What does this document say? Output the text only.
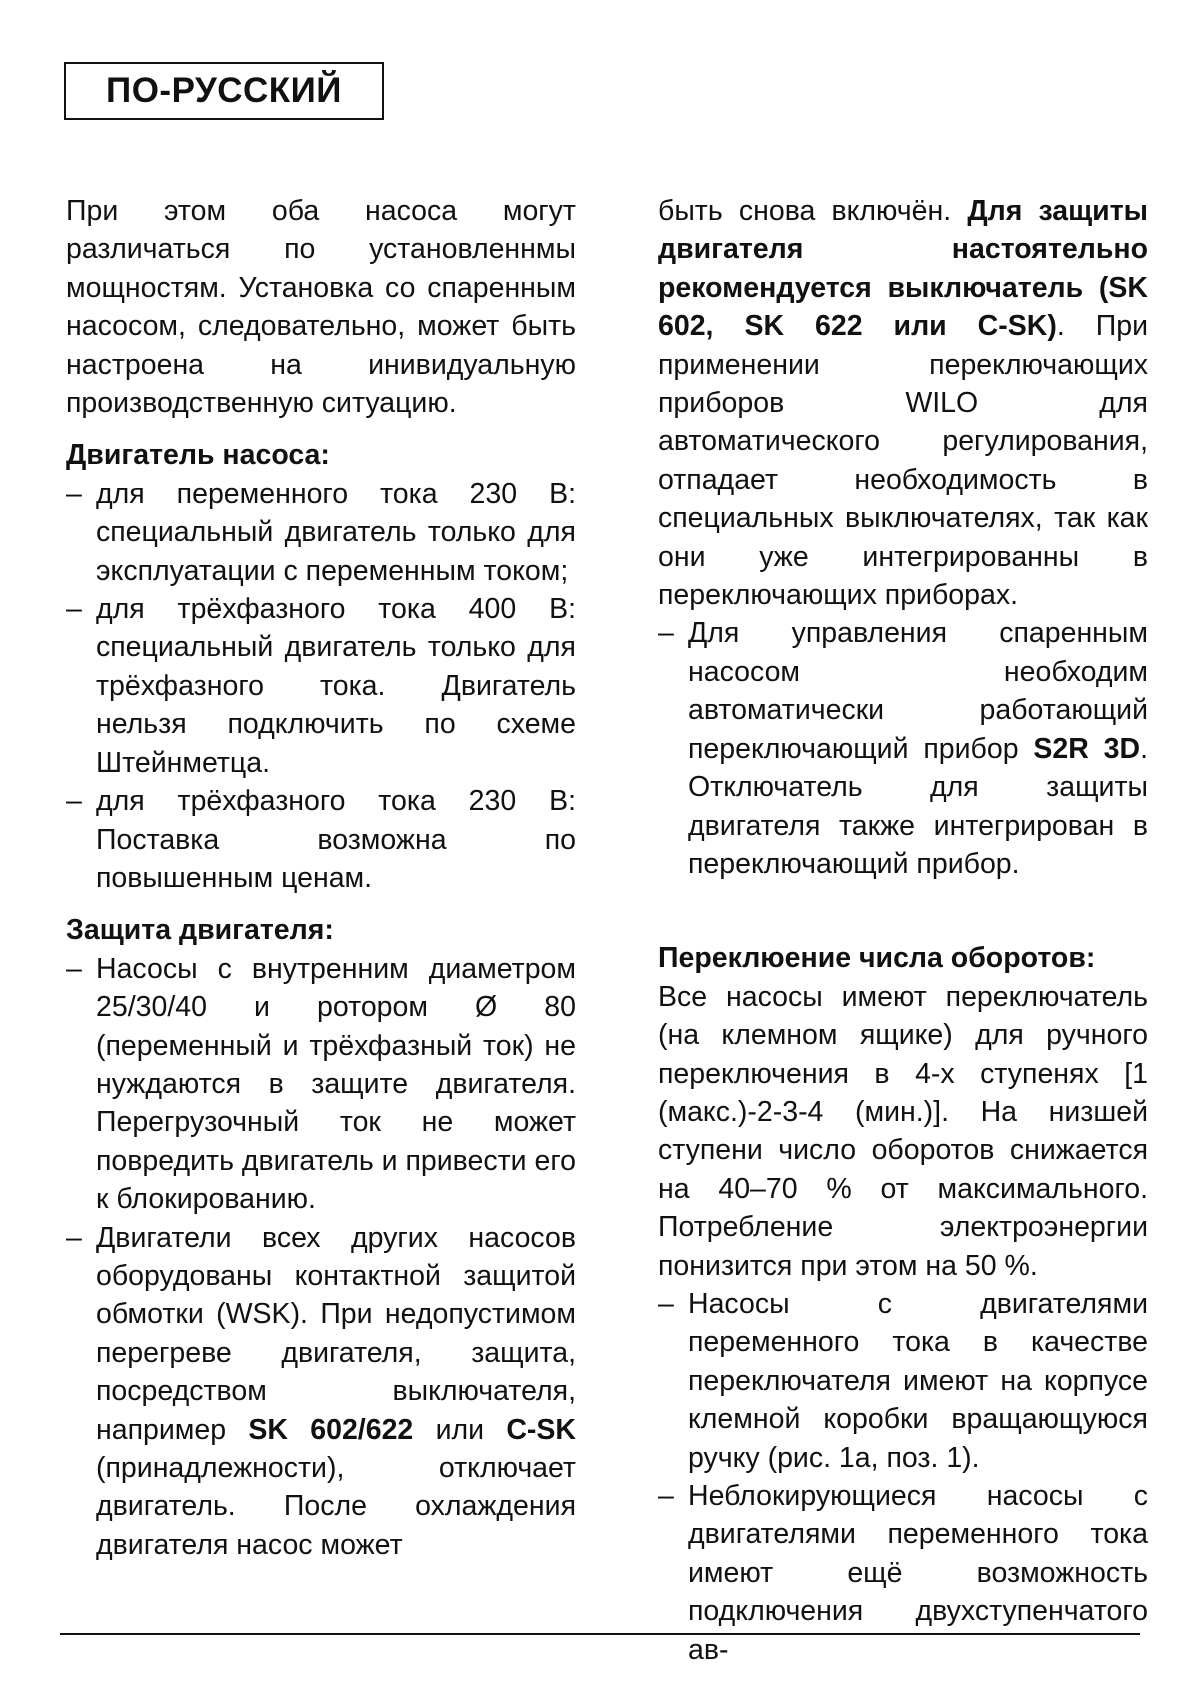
ПО-РУССКИЙ

При этом оба насоса могут различаться по установленнмы мощностям. Установка со спаренным насосом, следовательно, может быть настроена на инивидуальную производственную ситуацию.

Двигатель насоса:

– для переменного тока 230 В: специальный двигатель только для эксплуатации с переменным током;
– для трёхфазного тока 400 В: специальный двигатель только для трёхфазного тока. Двигатель нельзя подключить по схеме Штейнметца.
– для трёхфазного тока 230 В: Поставка возможна по повышенным ценам.

Защита двигателя:

– Насосы с внутренним диаметром 25/30/40 и ротором Ø 80 (переменный и трёхфазный ток) не нуждаются в защите двигателя. Перегрузочный ток не может повредить двигатель и привести его к блокированию.
– Двигатели всех других насосов оборудованы контактной защитой обмотки (WSK). При недопустимом перегреве двигателя, защита, посредством выключателя, например SK 602/622 или C-SK (принадлежности), отключает двигатель. После охлаждения двигателя насос может

быть снова включён. Для защиты двигателя настоятельно рекомендуется выключатель (SK 602, SK 622 или C-SK). При применении переключающих приборов WILO для автоматического регулирования, отпадает необходимость в специальных выключателях, так как они уже интегрированны в переключающих приборах.

– Для управления спаренным насосом необходим автоматически работающий переключающий прибор S2R 3D. Отключатель для защиты двигателя также интегрирован в переключающий прибор.

Переклюение числа оборотов:

Все насосы имеют переключатель (на клемном ящике) для ручного переключения в 4-х ступенях [1 (макс.)-2-3-4 (мин.)]. На низшей ступени число оборотов снижается на 40–70 % от максимального. Потребление электроэнергии понизится при этом на 50 %.

– Насосы с двигателями переменного тока в качестве переключателя имеют на корпусе клемной коробки вращающуюся ручку (рис. 1а, поз. 1).
– Неблокирующиеся насосы с двигателями переменного тока имеют ещё возможность подключения двухступенчатого ав-
